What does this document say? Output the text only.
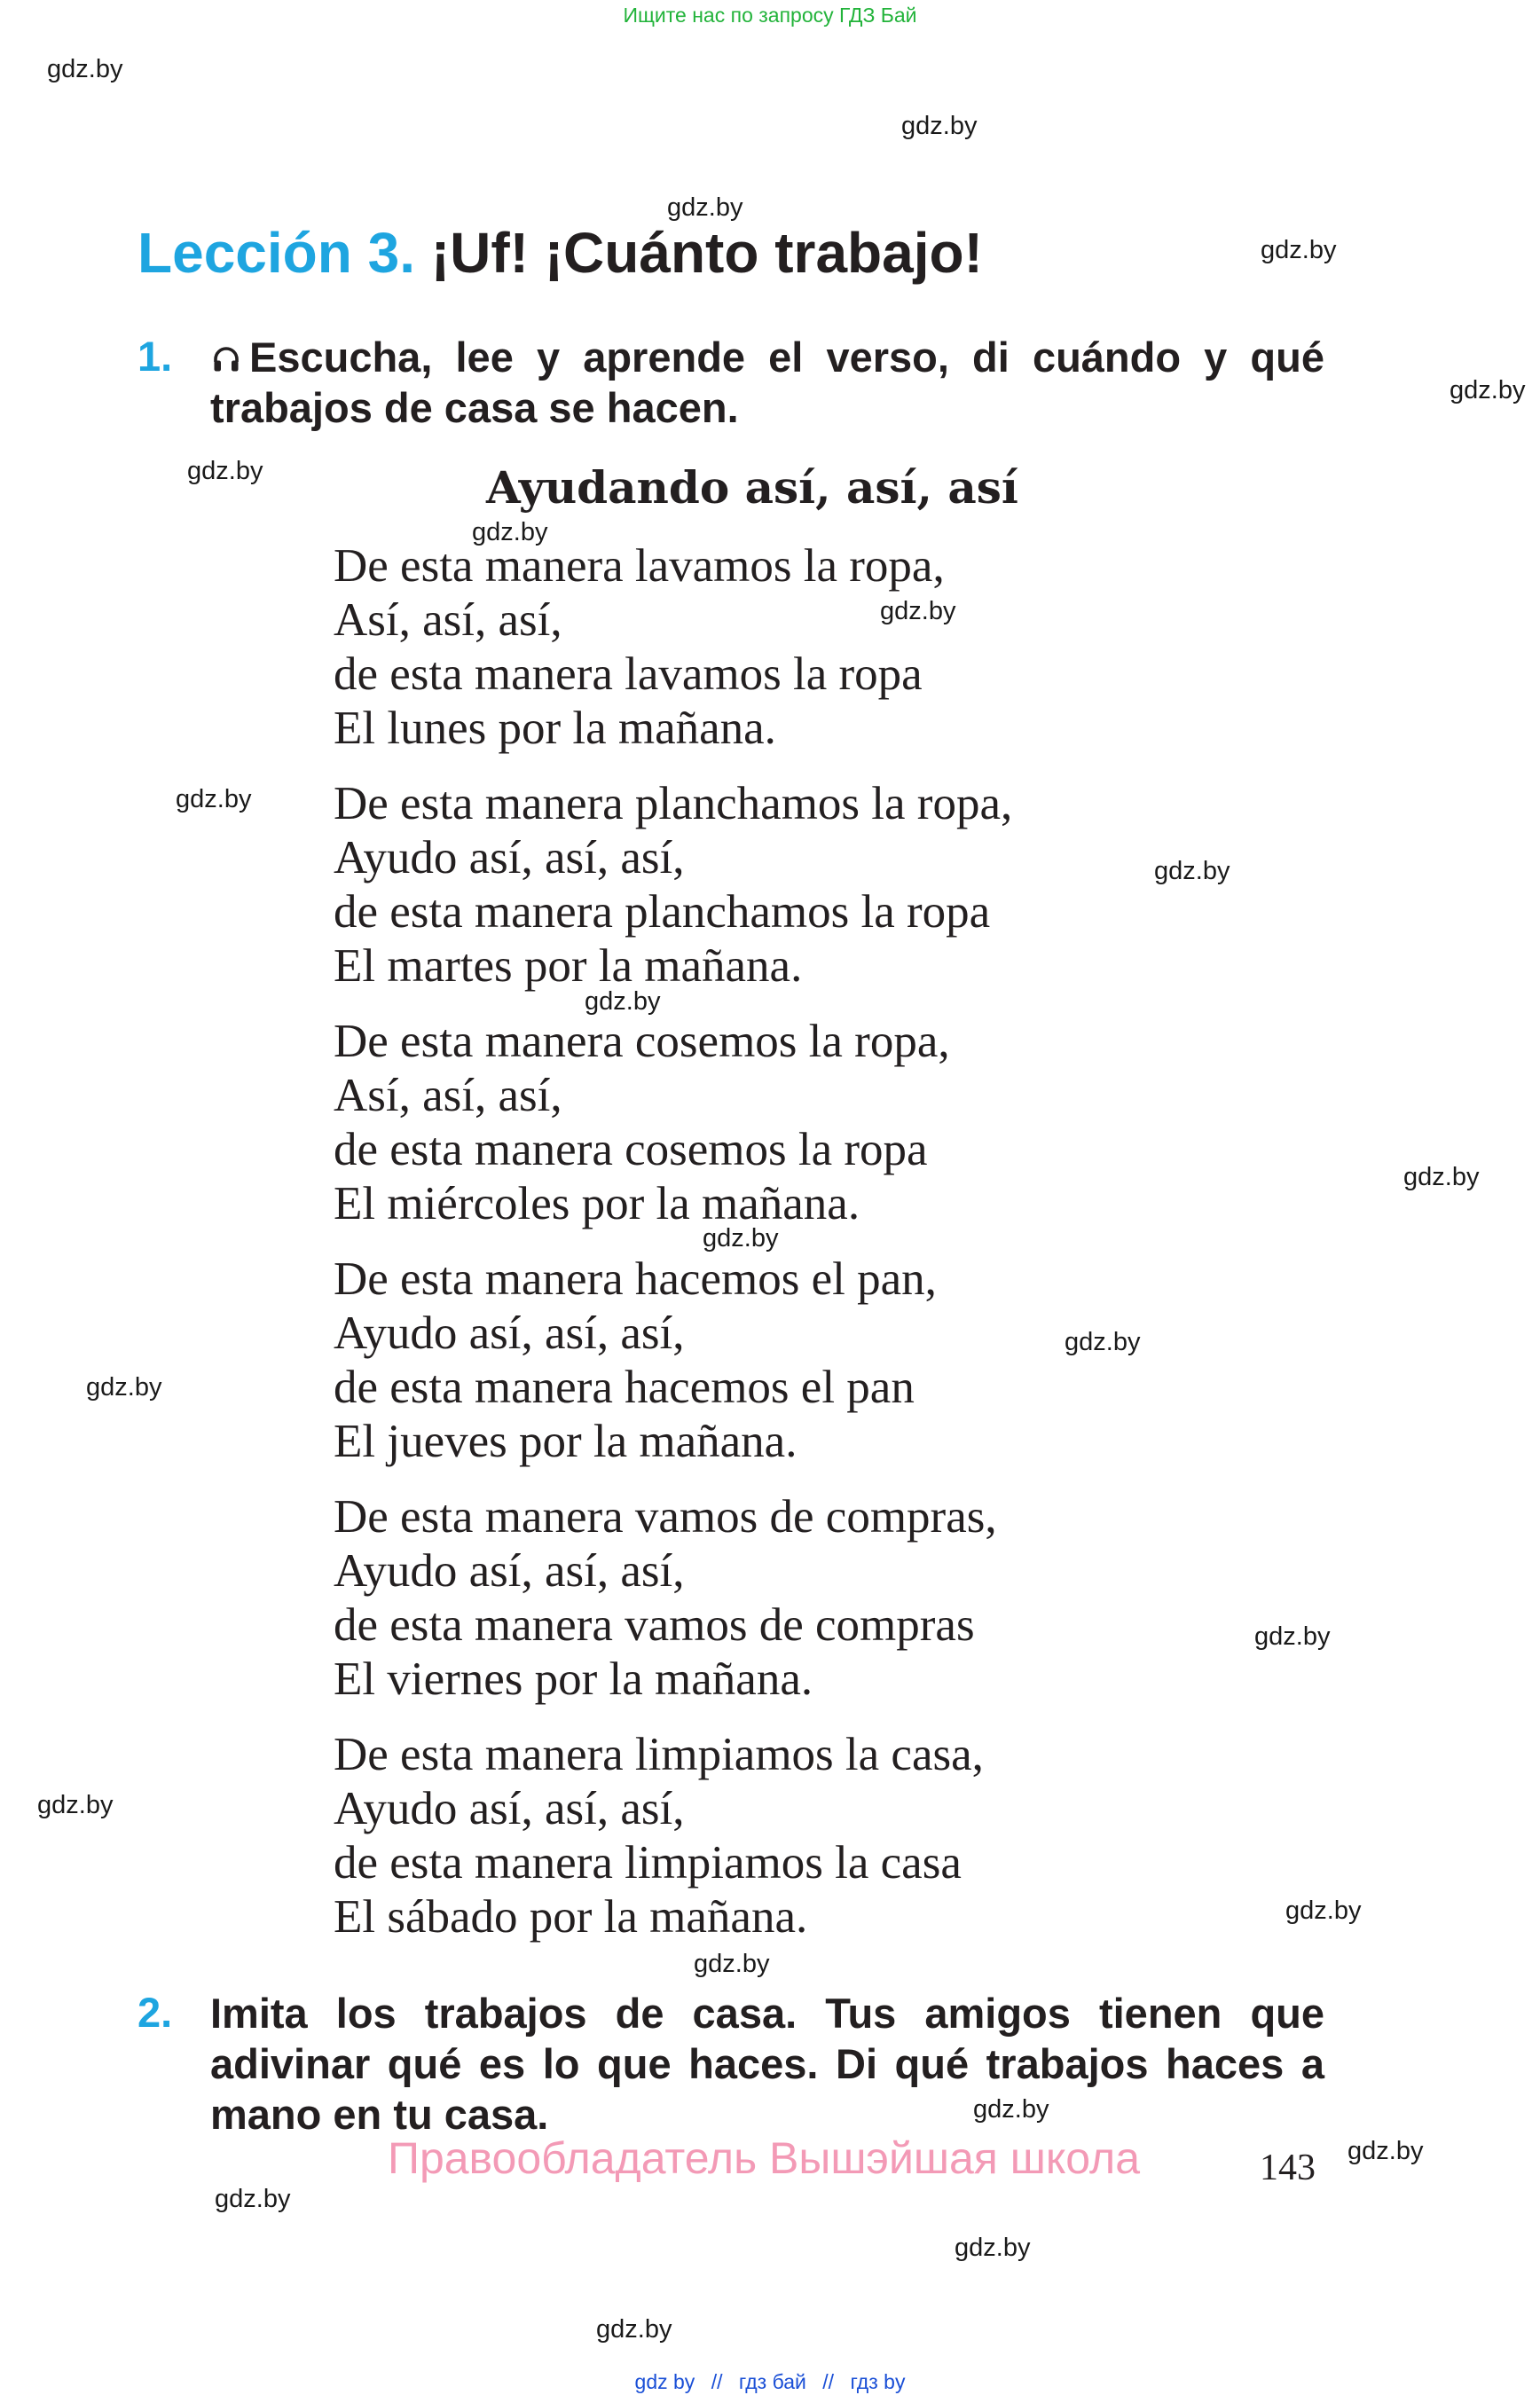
Ищите нас по запросу ГДЗ Бай
gdz.by
gdz.by
gdz.by
gdz.by
gdz.by
gdz.by
gdz.by
gdz.by
gdz.by
gdz.by
gdz.by
gdz.by
gdz.by
gdz.by
gdz.by
gdz.by
gdz.by
gdz.by
gdz.by
gdz.by
gdz.by
gdz.by
gdz.by
gdz.by
Lección 3. ¡Uf! ¡Cuánto trabajo!
1.	Escucha, lee y aprende el verso, di cuándo y qué trabajos de casa se hacen.
Ayudando así, así, así
De esta manera lavamos la ropa,
Así, así, así,
de esta manera lavamos la ropa
El lunes por la mañana.
De esta manera planchamos la ropa,
Ayudo así, así, así,
de esta manera planchamos la ropa
El martes por la mañana.
De esta manera cosemos la ropa,
Así, así, así,
de esta manera cosemos la ropa
El miércoles por la mañana.
De esta manera hacemos el pan,
Ayudo así, así, así,
de esta manera hacemos el pan
El jueves por la mañana.
De esta manera vamos de compras,
Ayudo así, así, así,
de esta manera vamos de compras
El viernes por la mañana.
De esta manera limpiamos la casa,
Ayudo así, así, así,
de esta manera limpiamos la casa
El sábado por la mañana.
2. Imita los trabajos de casa. Tus amigos tienen que adivinar qué es lo que haces. Di qué trabajos haces a mano en tu casa.
Правообладатель Вышэйшая школа	143
gdz by // гдз бай // гдз by
